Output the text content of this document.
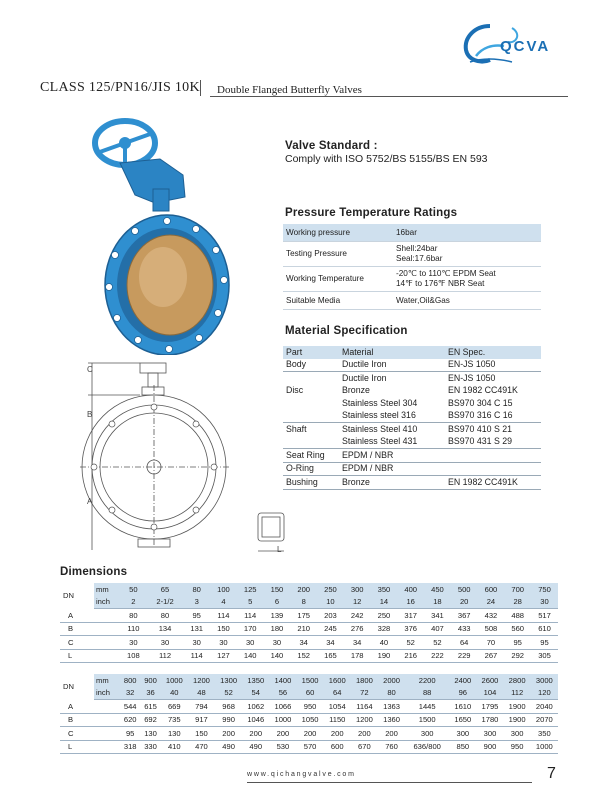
QCVA
CLASS 125/PN16/JIS 10K Double Flanged Butterfly Valves
C
B
A
L
Valve Standard :
Comply with ISO 5752/BS 5155/BS EN 593
Pressure Temperature Ratings
Working pressure	16bar
Testing Pressure	Shell:24bar
Seal:17.6bar

Working Temperature	-20℃ to 110℃ EPDM Seat
14℉ to 176℉ NBR Seat

Suitable Media	Water,Oil&Gas
Material Specification
Part	Material	EN Spec.
Body	Ductile Iron	EN-JS 1050
	Ductile Iron	EN-JS 1050
Disc	Bronze	EN 1982 CC491K
	Stainless Steel 304	BS970 304 C 15
	Stainless steel 316	BS970 316 C 16
Shaft	Stainless Steel 410	BS970 410 S 21
	Stainless Steel 431	BS970 431 S 29
Seat Ring	EPDM / NBR	
O-Ring	EPDM / NBR	
Bushing	Bronze	EN 1982 CC491K
Dimensions
DN	mm	50	65	80	100	125	150	200	250	300	350	400	450	500	600	700	750
	inch	2	2-1/2	3	4	5	6	8	10	12	14	16	18	20	24	28	30
A		80	80	95	114	114	139	175	203	242	250	317	341	367	432	488	517
B		110	134	131	150	170	180	210	245	276	328	376	407	433	508	560	610
C		30	30	30	30	30	30	34	34	34	40	52	52	64	70	95	95
L		108	112	114	127	140	140	152	165	178	190	216	222	229	267	292	305
DN	mm	800	900	1000	1200	1300	1350	1400	1500	1600	1800	2000	2200	2400	2600	2800	3000
	inch	32	36	40	48	52	54	56	60	64	72	80	88	96	104	112	120
A		544	615	669	794	968	1062	1066	950	1054	1164	1363	1445	1610	1795	1900	2040
B		620	692	735	917	990	1046	1000	1050	1150	1200	1360	1500	1650	1780	1900	2070
C		95	130	130	150	200	200	200	200	200	200	200	300	300	300	300	350
L		318	330	410	470	490	490	530	570	600	670	760	636/800	850	900	950	1000
www.qichangvalve.com	7
